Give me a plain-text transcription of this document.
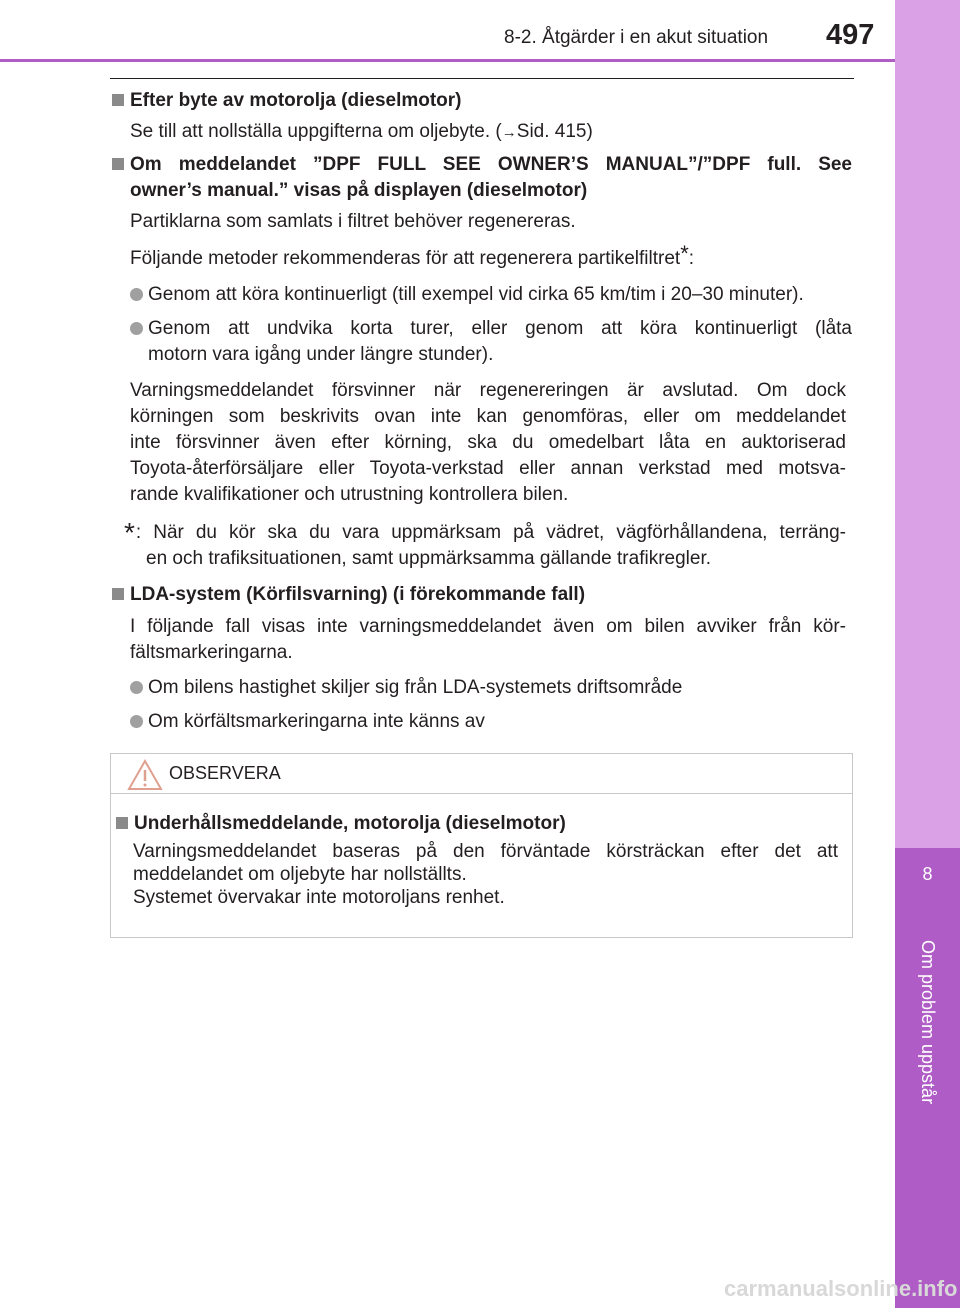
8
Om problem uppstår
8-2. Åtgärder i en akut situation 497
Efter byte av motorolja (dieselmotor)
Se till att nollställa uppgifterna om oljebyte. (→Sid. 415)
Om meddelandet ”DPF FULL SEE OWNER’S MANUAL”/”DPF full. See
owner’s manual.” visas på displayen (dieselmotor)
Partiklarna som samlats i filtret behöver regenereras.
Följande metoder rekommenderas för att regenerera partikelfiltret*:
Genom att köra kontinuerligt (till exempel vid cirka 65 km/tim i 20–30 minuter).
Genom att undvika korta turer, eller genom att köra kontinuerligt (låta
motorn vara igång under längre stunder).
Varningsmeddelandet försvinner när regenereringen är avslutad. Om dock
körningen som beskrivits ovan inte kan genomföras, eller om meddelandet
inte försvinner även efter körning, ska du omedelbart låta en auktoriserad
Toyota-återförsäljare eller Toyota-verkstad eller annan verkstad med motsva-
rande kvalifikationer och utrustning kontrollera bilen.
*: När du kör ska du vara uppmärksam på vädret, vägförhållandena, terräng-
en och trafiksituationen, samt uppmärksamma gällande trafikregler.
LDA-system (Körfilsvarning) (i förekommande fall)
I följande fall visas inte varningsmeddelandet även om bilen avviker från kör-
fältsmarkeringarna.
Om bilens hastighet skiljer sig från LDA-systemets driftsområde
Om körfältsmarkeringarna inte känns av
OBSERVERA
Underhållsmeddelande, motorolja (dieselmotor)
Varningsmeddelandet baseras på den förväntade körsträckan efter det att
meddelandet om oljebyte har nollställts.
Systemet övervakar inte motoroljans renhet.
carmanualsonline.info
